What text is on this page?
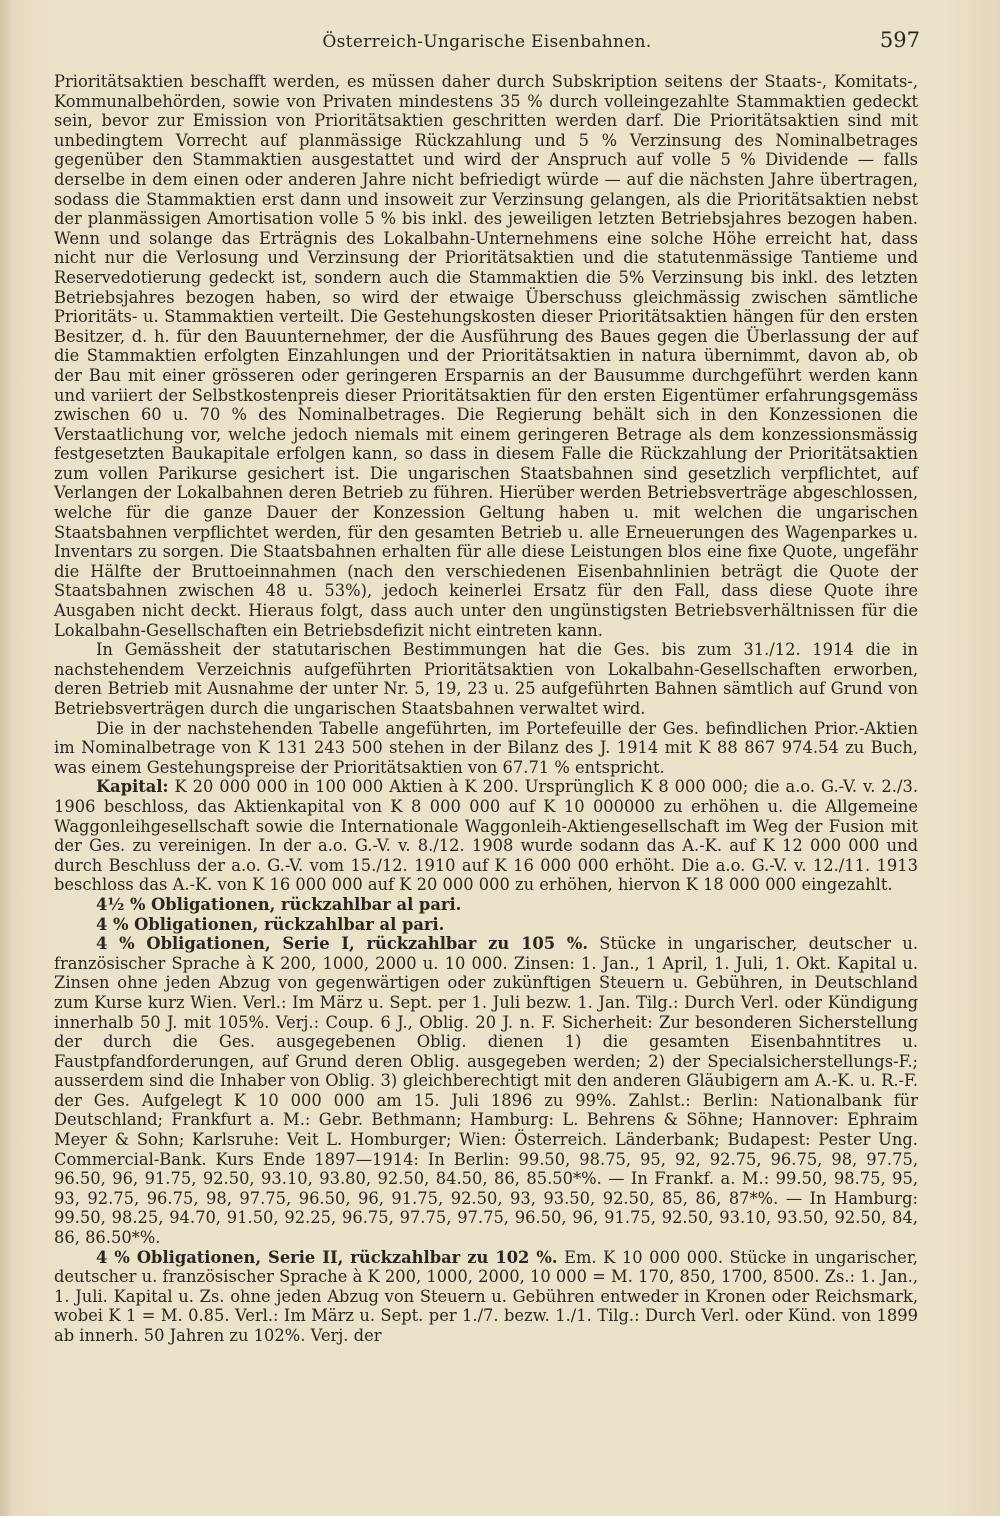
Österreich-Ungarische Eisenbahnen.	597

Prioritätsaktien beschafft werden, es müssen daher durch Subskription seitens der Staats-, Komitats-, Kommunalbehörden, sowie von Privaten mindestens 35 % durch volleingezahlte Stammaktien gedeckt sein, bevor zur Emission von Prioritätsaktien geschritten werden darf. Die Prioritätsaktien sind mit unbedingtem Vorrecht auf planmässige Rückzahlung und 5 % Verzinsung des Nominalbetrages gegenüber den Stammaktien ausgestattet und wird der Anspruch auf volle 5 % Dividende — falls derselbe in dem einen oder anderen Jahre nicht befriedigt würde — auf die nächsten Jahre übertragen, sodass die Stammaktien erst dann und insoweit zur Verzinsung gelangen, als die Prioritätsaktien nebst der planmässigen Amortisation volle 5 % bis inkl. des jeweiligen letzten Betriebsjahres bezogen haben. Wenn und solange das Erträgnis des Lokalbahn-Unternehmens eine solche Höhe erreicht hat, dass nicht nur die Verlosung und Verzinsung der Prioritätsaktien und die statutenmässige Tantieme und Reservedotierung gedeckt ist, sondern auch die Stammaktien die 5% Verzinsung bis inkl. des letzten Betriebsjahres bezogen haben, so wird der etwaige Überschuss gleichmässig zwischen sämtliche Prioritäts- u. Stammaktien verteilt. Die Gestehungskosten dieser Prioritätsaktien hängen für den ersten Besitzer, d. h. für den Bauunternehmer, der die Ausführung des Baues gegen die Überlassung der auf die Stammaktien erfolgten Einzahlungen und der Prioritätsaktien in natura übernimmt, davon ab, ob der Bau mit einer grösseren oder geringeren Ersparnis an der Bausumme durchgeführt werden kann und variiert der Selbstkostenpreis dieser Prioritätsaktien für den ersten Eigentümer erfahrungsgemäss zwischen 60 u. 70 % des Nominalbetrages. Die Regierung behält sich in den Konzessionen die Verstaatlichung vor, welche jedoch niemals mit einem geringeren Betrage als dem konzessionsmässig festgesetzten Baukapitale erfolgen kann, so dass in diesem Falle die Rückzahlung der Prioritätsaktien zum vollen Parikurse gesichert ist. Die ungarischen Staatsbahnen sind gesetzlich verpflichtet, auf Verlangen der Lokalbahnen deren Betrieb zu führen. Hierüber werden Betriebsverträge abgeschlossen, welche für die ganze Dauer der Konzession Geltung haben u. mit welchen die ungarischen Staatsbahnen verpflichtet werden, für den gesamten Betrieb u. alle Erneuerungen des Wagenparkes u. Inventars zu sorgen. Die Staatsbahnen erhalten für alle diese Leistungen blos eine fixe Quote, ungefähr die Hälfte der Bruttoeinnahmen (nach den verschiedenen Eisenbahnlinien beträgt die Quote der Staatsbahnen zwischen 48 u. 53%), jedoch keinerlei Ersatz für den Fall, dass diese Quote ihre Ausgaben nicht deckt. Hieraus folgt, dass auch unter den ungünstigsten Betriebsverhältnissen für die Lokalbahn-Gesellschaften ein Betriebsdefizit nicht eintreten kann.

In Gemässheit der statutarischen Bestimmungen hat die Ges. bis zum 31./12. 1914 die in nachstehendem Verzeichnis aufgeführten Prioritätsaktien von Lokalbahn-Gesellschaften erworben, deren Betrieb mit Ausnahme der unter Nr. 5, 19, 23 u. 25 aufgeführten Bahnen sämtlich auf Grund von Betriebsverträgen durch die ungarischen Staatsbahnen verwaltet wird.

Die in der nachstehenden Tabelle angeführten, im Portefeuille der Ges. befindlichen Prior.-Aktien im Nominalbetrage von K 131 243 500 stehen in der Bilanz des J. 1914 mit K 88 867 974.54 zu Buch, was einem Gestehungspreise der Prioritätsaktien von 67.71 % entspricht.

Kapital: K 20 000 000 in 100 000 Aktien à K 200. Ursprünglich K 8 000 000; die a.o. G.-V. v. 2./3. 1906 beschloss, das Aktienkapital von K 8 000 000 auf K 10 000000 zu erhöhen u. die Allgemeine Waggonleihgesellschaft sowie die Internationale Waggonleih-Aktiengesellschaft im Weg der Fusion mit der Ges. zu vereinigen. In der a.o. G.-V. v. 8./12. 1908 wurde sodann das A.-K. auf K 12 000 000 und durch Beschluss der a.o. G.-V. vom 15./12. 1910 auf K 16 000 000 erhöht. Die a.o. G.-V. v. 12./11. 1913 beschloss das A.-K. von K 16 000 000 auf K 20 000 000 zu erhöhen, hiervon K 18 000 000 eingezahlt.

4½ % Obligationen, rückzahlbar al pari.

4 % Obligationen, rückzahlbar al pari.

4 % Obligationen, Serie I, rückzahlbar zu 105 %. Stücke in ungarischer, deutscher u. französischer Sprache à K 200, 1000, 2000 u. 10 000. Zinsen: 1. Jan., 1 April, 1. Juli, 1. Okt. Kapital u. Zinsen ohne jeden Abzug von gegenwärtigen oder zukünftigen Steuern u. Gebühren, in Deutschland zum Kurse kurz Wien. Verl.: Im März u. Sept. per 1. Juli bezw. 1. Jan. Tilg.: Durch Verl. oder Kündigung innerhalb 50 J. mit 105%. Verj.: Coup. 6 J., Oblig. 20 J. n. F. Sicherheit: Zur besonderen Sicherstellung der durch die Ges. ausgegebenen Oblig. dienen 1) die gesamten Eisenbahntitres u. Faustpfandforderungen, auf Grund deren Oblig. ausgegeben werden; 2) der Specialsicherstellungs-F.; ausserdem sind die Inhaber von Oblig. 3) gleichberechtigt mit den anderen Gläubigern am A.-K. u. R.-F. der Ges. Aufgelegt K 10 000 000 am 15. Juli 1896 zu 99%. Zahlst.: Berlin: Nationalbank für Deutschland; Frankfurt a. M.: Gebr. Bethmann; Hamburg: L. Behrens & Söhne; Hannover: Ephraim Meyer & Sohn; Karlsruhe: Veit L. Homburger; Wien: Österreich. Länderbank; Budapest: Pester Ung. Commercial-Bank. Kurs Ende 1897—1914: In Berlin: 99.50, 98.75, 95, 92, 92.75, 96.75, 98, 97.75, 96.50, 96, 91.75, 92.50, 93.10, 93.80, 92.50, 84.50, 86, 85.50*%. — In Frankf. a. M.: 99.50, 98.75, 95, 93, 92.75, 96.75, 98, 97.75, 96.50, 96, 91.75, 92.50, 93, 93.50, 92.50, 85, 86, 87*%. — In Hamburg: 99.50, 98.25, 94.70, 91.50, 92.25, 96.75, 97.75, 97.75, 96.50, 96, 91.75, 92.50, 93.10, 93.50, 92.50, 84, 86, 86.50*%.

4 % Obligationen, Serie II, rückzahlbar zu 102 %. Em. K 10 000 000. Stücke in ungarischer, deutscher u. französischer Sprache à K 200, 1000, 2000, 10 000 = M. 170, 850, 1700, 8500. Zs.: 1. Jan., 1. Juli. Kapital u. Zs. ohne jeden Abzug von Steuern u. Gebühren entweder in Kronen oder Reichsmark, wobei K 1 = M. 0.85. Verl.: Im März u. Sept. per 1./7. bezw. 1./1. Tilg.: Durch Verl. oder Künd. von 1899 ab innerh. 50 Jahren zu 102%. Verj. der
